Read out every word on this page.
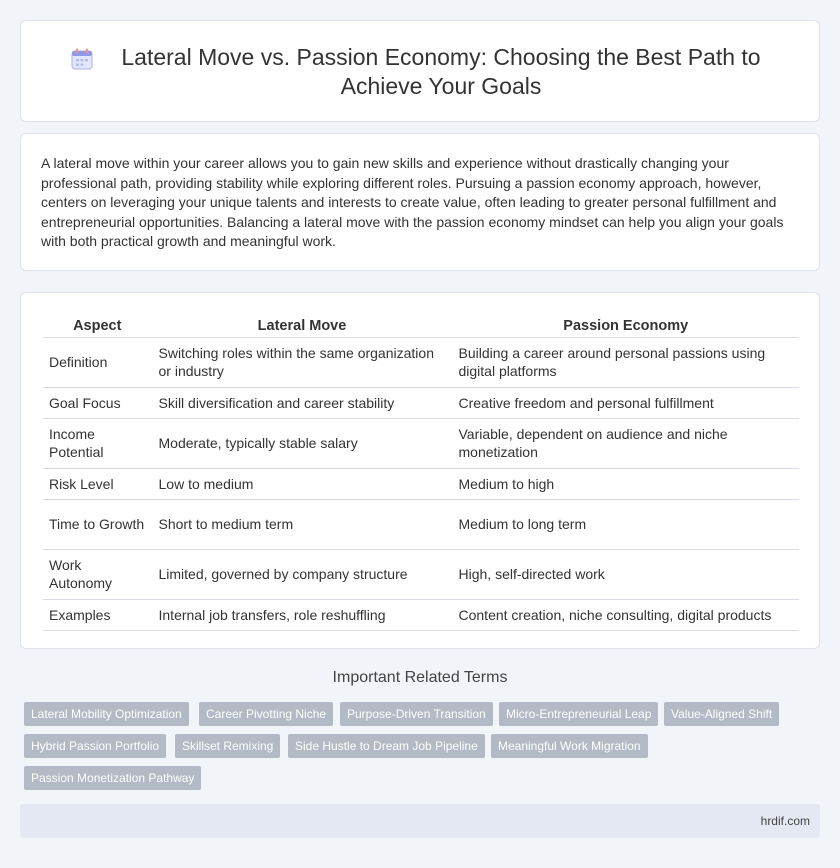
Lateral Move vs. Passion Economy: Choosing the Best Path to Achieve Your Goals

A lateral move within your career allows you to gain new skills and experience without drastically changing your professional path, providing stability while exploring different roles. Pursuing a passion economy approach, however, centers on leveraging your unique talents and interests to create value, often leading to greater personal fulfillment and entrepreneurial opportunities. Balancing a lateral move with the passion economy mindset can help you align your goals with both practical growth and meaningful work.

Aspect	Lateral Move	Passion Economy
Definition	Switching roles within the same organization or industry	Building a career around personal passions using digital platforms
Goal Focus	Skill diversification and career stability	Creative freedom and personal fulfillment
Income Potential	Moderate, typically stable salary	Variable, dependent on audience and niche monetization
Risk Level	Low to medium	Medium to high
Time to Growth	Short to medium term	Medium to long term
Work Autonomy	Limited, governed by company structure	High, self-directed work
Examples	Internal job transfers, role reshuffling	Content creation, niche consulting, digital products
Important Related Terms
Lateral Mobility Optimization	Career Pivotting Niche	Purpose-Driven Transition	Micro-Entrepreneurial Leap	Value-Aligned Shift
Hybrid Passion Portfolio	Skillset Remixing	Side Hustle to Dream Job Pipeline	Meaningful Work Migration
Passion Monetization Pathway
hrdif.com
